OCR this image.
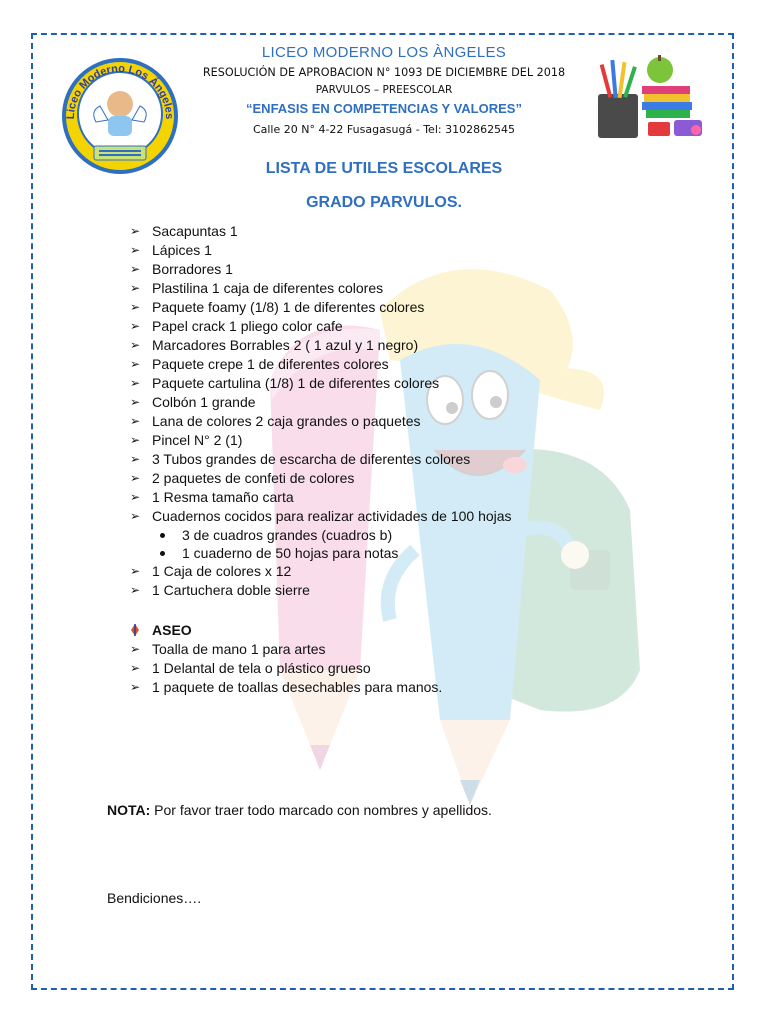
Liceo Moderno Los Ángeles
LICEO MODERNO LOS ÀNGELES
RESOLUCIÓN DE APROBACION N° 1093 DE DICIEMBRE DEL 2018
PARVULOS – PREESCOLAR
“ENFASIS EN COMPETENCIAS Y VALORES”
Calle 20 N° 4-22 Fusagasugá - Tel: 3102862545
LISTA DE UTILES ESCOLARES
GRADO PARVULOS.
➢ Sacapuntas 1
➢ Lápices 1
➢ Borradores 1
➢ Plastilina 1 caja de diferentes colores
➢ Paquete foamy (1/8) 1 de diferentes colores
➢ Papel crack 1 pliego color cafe
➢ Marcadores Borrables 2 ( 1 azul y 1 negro)
➢ Paquete crepe 1 de diferentes colores
➢ Paquete cartulina (1/8) 1 de diferentes colores
➢ Colbón 1 grande
➢ Lana de colores 2 caja grandes o paquetes
➢ Pincel N° 2 (1)
➢ 3 Tubos grandes de escarcha de diferentes colores
➢ 2 paquetes de confeti de colores
➢ 1 Resma tamaño carta
➢ Cuadernos cocidos para realizar actividades de 100 hojas
3 de cuadros grandes (cuadros b)
1 cuaderno de 50 hojas para notas
➢ 1 Caja de colores x 12
➢ 1 Cartuchera doble sierre
ASEO
➢ Toalla de mano 1 para artes
➢ 1 Delantal de tela o plástico grueso
➢ 1 paquete de toallas desechables para manos.
NOTA: Por favor traer todo marcado con nombres y apellidos.
Bendiciones….
